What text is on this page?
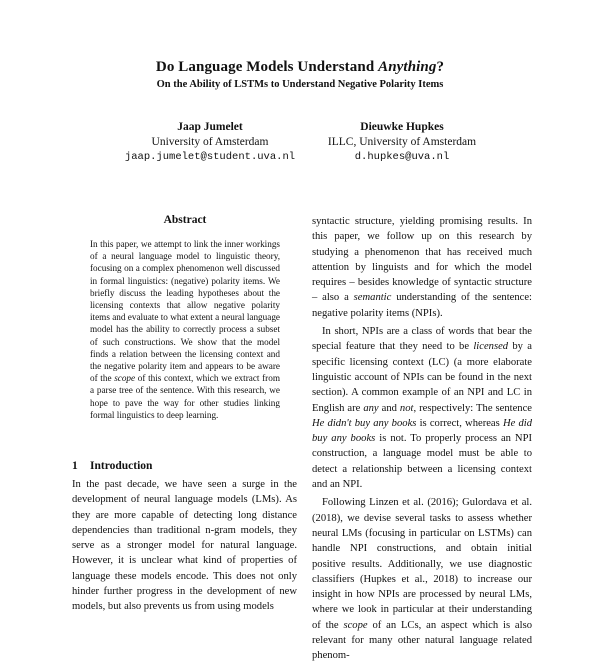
Do Language Models Understand Anything?
On the Ability of LSTMs to Understand Negative Polarity Items
Jaap Jumelet
University of Amsterdam
jaap.jumelet@student.uva.nl
Dieuwke Hupkes
ILLC, University of Amsterdam
d.hupkes@uva.nl
Abstract
In this paper, we attempt to link the inner workings of a neural language model to linguistic theory, focusing on a complex phenomenon well discussed in formal linguistics: (negative) polarity items. We briefly discuss the leading hypotheses about the licensing contexts that allow negative polarity items and evaluate to what extent a neural language model has the ability to correctly process a subset of such constructions. We show that the model finds a relation between the licensing context and the negative polarity item and appears to be aware of the scope of this context, which we extract from a parse tree of the sentence. With this research, we hope to pave the way for other studies linking formal linguistics to deep learning.
1 Introduction
In the past decade, we have seen a surge in the development of neural language models (LMs). As they are more capable of detecting long distance dependencies than traditional n-gram models, they serve as a stronger model for natural language. However, it is unclear what kind of properties of language these models encode. This does not only hinder further progress in the development of new models, but also prevents us from using models

syntactic structure, yielding promising results. In this paper, we follow up on this research by studying a phenomenon that has received much attention by linguists and for which the model requires – besides knowledge of syntactic structure – also a semantic understanding of the sentence: negative polarity items (NPIs).

In short, NPIs are a class of words that bear the special feature that they need to be licensed by a specific licensing context (LC) (a more elaborate linguistic account of NPIs can be found in the next section). A common example of an NPI and LC in English are any and not, respectively: The sentence He didn't buy any books is correct, whereas He did buy any books is not. To properly process an NPI construction, a language model must be able to detect a relationship between a licensing context and an NPI.

Following Linzen et al. (2016); Gulordava et al. (2018), we devise several tasks to assess whether neural LMs (focusing in particular on LSTMs) can handle NPI constructions, and obtain initial positive results. Additionally, we use diagnostic classifiers (Hupkes et al., 2018) to increase our insight in how NPIs are processed by neural LMs, where we look in particular at their understanding of the scope of an LCs, an aspect which is also relevant for many other natural language related phenom-
